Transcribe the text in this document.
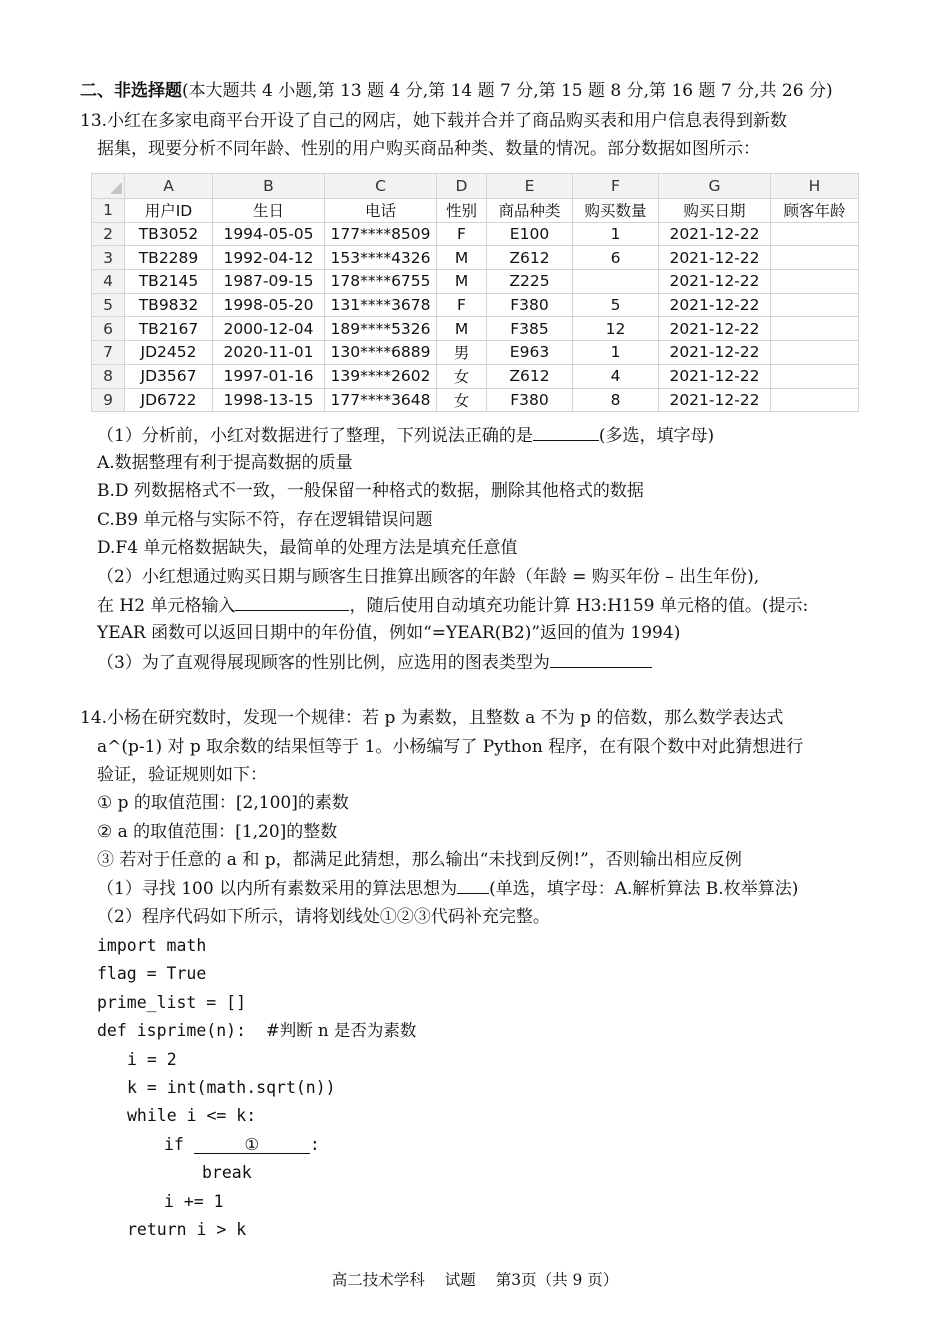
二、非选择题(本大题共 4 小题,第 13 题 4 分,第 14 题 7 分,第 15 题 8 分,第 16 题 7 分,共 26 分)
13.小红在多家电商平台开设了自己的网店，她下载并合并了商品购买表和用户信息表得到新数
据集，现要分析不同年龄、性别的用户购买商品种类、数量的情况。部分数据如图所示：
	A	B	C	D	E	F	G	H
1	用户ID	生日	电话	性别	商品种类	购买数量	购买日期	顾客年龄
2	TB3052	1994-05-05	177****8509	F	E100	1	2021-12-22	
3	TB2289	1992-04-12	153****4326	M	Z612	6	2021-12-22	
4	TB2145	1987-09-15	178****6755	M	Z225		2021-12-22	
5	TB9832	1998-05-20	131****3678	F	F380	5	2021-12-22	
6	TB2167	2000-12-04	189****5326	M	F385	12	2021-12-22	
7	JD2452	2020-11-01	130****6889	男	E963	1	2021-12-22	
8	JD3567	1997-01-16	139****2602	女	Z612	4	2021-12-22	
9	JD6722	1998-13-15	177****3648	女	F380	8	2021-12-22	
（1）分析前，小红对数据进行了整理，下列说法正确的是	(多选，填字母)
A.数据整理有利于提高数据的质量
B.D 列数据格式不一致，一般保留一种格式的数据，删除其他格式的数据
C.B9 单元格与实际不符，存在逻辑错误问题
D.F4 单元格数据缺失，最简单的处理方法是填充任意值
（2）小红想通过购买日期与顾客生日推算出顾客的年龄（年龄 = 购买年份 – 出生年份),
在 H2 单元格输入	，随后使用自动填充功能计算 H3:H159 单元格的值。(提示:
YEAR 函数可以返回日期中的年份值，例如“=YEAR(B2)”返回的值为 1994)
（3）为了直观得展现顾客的性别比例，应选用的图表类型为
14.小杨在研究数时，发现一个规律：若 p 为素数，且整数 a 不为 p 的倍数，那么数学表达式
a^(p-1) 对 p 取余数的结果恒等于 1。小杨编写了 Python 程序，在有限个数中对此猜想进行
验证，验证规则如下：
① p 的取值范围：[2,100]的素数
② a 的取值范围：[1,20]的整数
③ 若对于任意的 a 和 p，都满足此猜想，那么输出“未找到反例!”，否则输出相应反例
（1）寻找 100 以内所有素数采用的算法思想为 (单选，填字母：A.解析算法 B.枚举算法)
（2）程序代码如下所示，请将划线处①②③代码补充完整。
import math
flag = True
prime_list = []
def isprime(n):  #判断 n 是否为素数
i = 2
k = int(math.sqrt(n))
while i <= k:
if	①	:
break
i += 1
return i > k
高二技术学科 试题 第3页（共 9 页）
